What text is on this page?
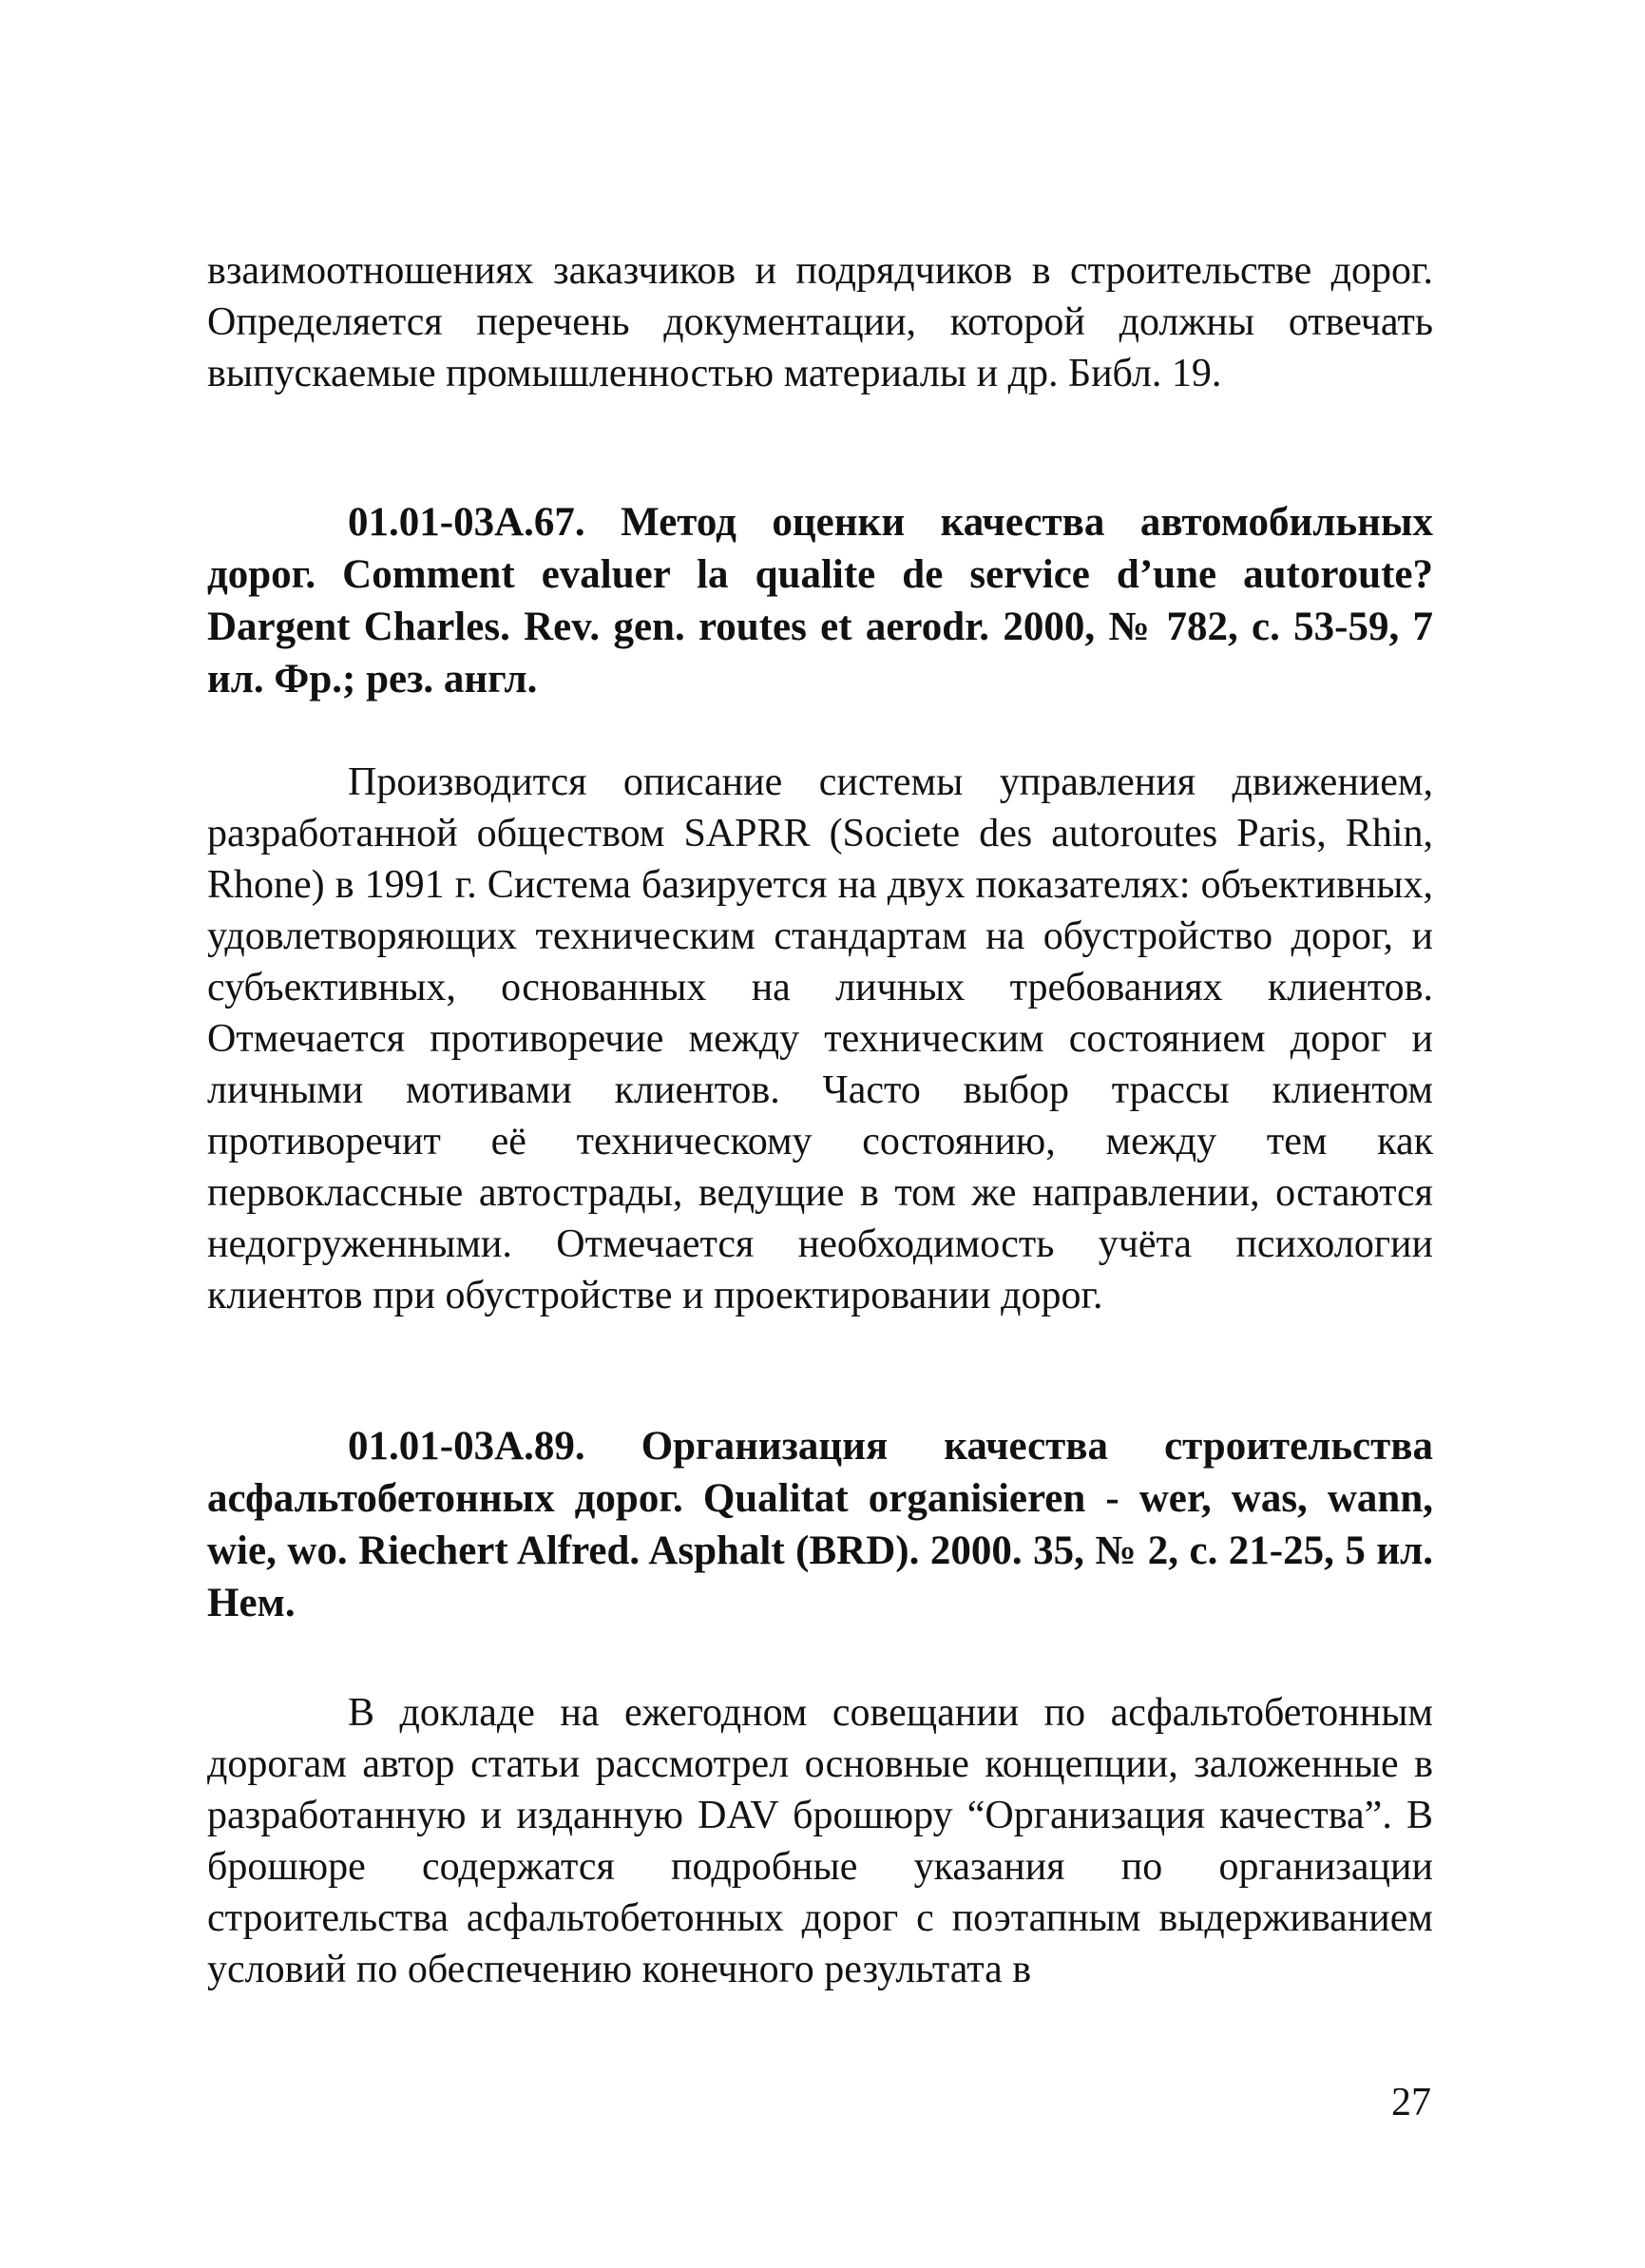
взаимоотношениях заказчиков и подрядчиков в строительстве дорог. Определяется перечень документации, которой должны отвечать выпускаемые промышленностью материалы и др. Библ. 19.

01.01-03А.67. Метод оценки качества автомобильных дорог. Comment evaluer la qualite de service d’une autoroute? Dargent Charles. Rev. gen. routes et aerodr. 2000, № 782, с. 53-59, 7 ил. Фр.; рез. англ.

Производится описание системы управления движением, разработанной обществом SAPRR (Societe des autoroutes Paris, Rhin, Rhone) в 1991 г. Система базируется на двух показателях: объективных, удовлетворяющих техническим стандартам на обустройство дорог, и субъективных, основанных на личных требованиях клиентов. Отмечается противоречие между техническим состоянием дорог и личными мотивами клиентов. Часто выбор трассы клиентом противоречит её техническому состоянию, между тем как первоклассные автострады, ведущие в том же направлении, остаются недогруженными. Отмечается необходимость учёта психологии клиентов при обустройстве и проектировании дорог.

01.01-03А.89. Организация качества строительства асфальтобетонных дорог. Qualitat organisieren - wer, was, wann, wie, wo. Riechert Alfred. Asphalt (BRD). 2000. 35, № 2, с. 21-25, 5 ил. Нем.

В докладе на ежегодном совещании по асфальтобетонным дорогам автор статьи рассмотрел основные концепции, заложенные в разработанную и изданную DAV брошюру “Организация качества”. В брошюре содержатся подробные указания по организации строительства асфальтобетонных дорог с поэтапным выдерживанием условий по обеспечению конечного результата в

27
